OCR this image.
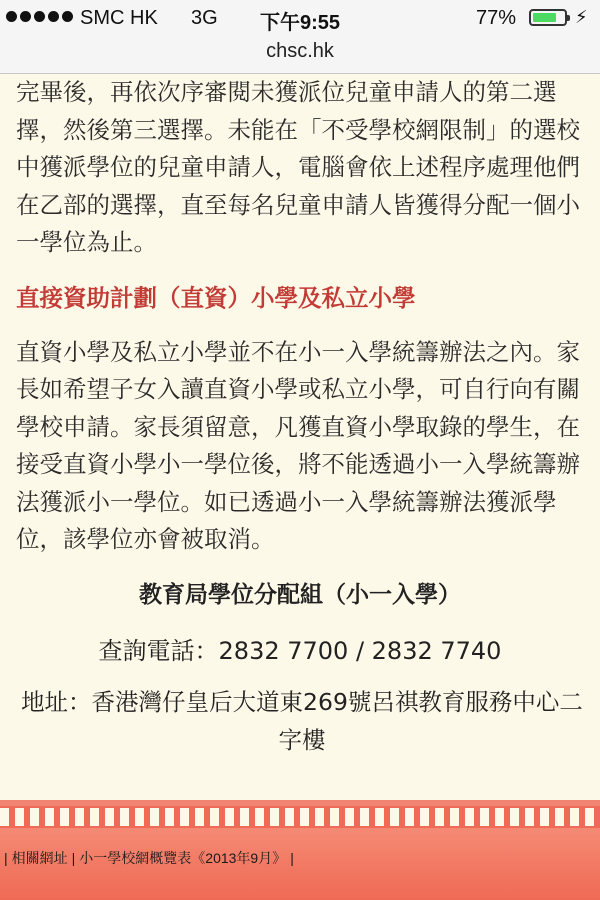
SMC HK 3G	下午9:55	77%	⚡
chsc.hk

完畢後，再依次序審閱未獲派位兒童申請人的第二選擇，然後第三選擇。未能在「不受學校網限制」的選校中獲派學位的兒童申請人，電腦會依上述程序處理他們在乙部的選擇，直至每名兒童申請人皆獲得分配一個小一學位為止。

直接資助計劃（直資）小學及私立小學

直資小學及私立小學並不在小一入學統籌辦法之內。家長如希望子女入讀直資小學或私立小學，可自行向有關學校申請。家長須留意，凡獲直資小學取錄的學生，在接受直資小學小一學位後，將不能透過小一入學統籌辦法獲派小一學位。如已透過小一入學統籌辦法獲派學位，該學位亦會被取消。

教育局學位分配組（小一入學）
查詢電話：2832 7700 / 2832 7740
地址：香港灣仔皇后大道東269號呂祺教育服務中心二字樓
| 相關網址 | 小一學校網概覽表《2013年9月》 |
